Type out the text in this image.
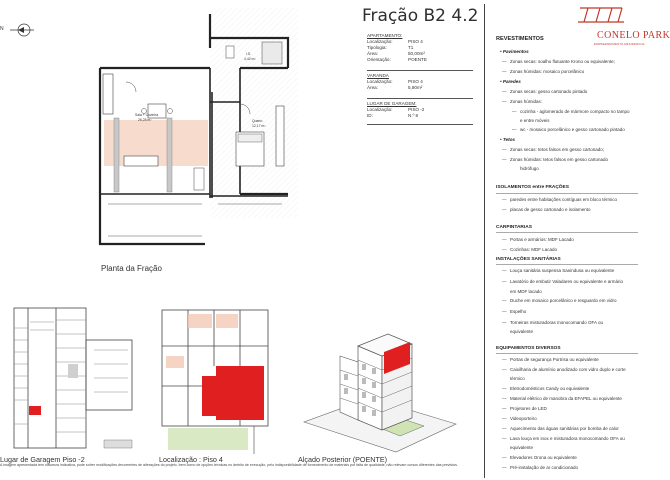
Fração B2 4.2
APARTAMENTO:
Localização:	PISO 4
Tipologia:	T1
Área:	50,00m²
Orientação:	POENTE
VARANDA
Localização:	PISO 4
Área:	5,80m²
LUGAR DE GARAGEM:
Localização:	PISO -2
ID:	N.º 8
CONELO PARK
EMPREENDIMENTO RESIDENCIAL
N
Sala + Cozinha
26,28 m²	Quarto
12,17 m²
I.S.
4,42 m²
Planta da Fração
Lugar de Garagem Piso -2	Localização : Piso 4	Alçado Posterior (POENTE)
A imagem apresentada tem natureza indicativa, pode sofrer modificações decorrentes de alterações do projeto, bem como de opções técnicas no âmbito de execução, pelo indisponibilidade de fornecimento de materiais por falta de qualidade, não relevam cursos diferentes das previstos.
REVESTIMENTOS
• Pavimentos
— Zonas secas: soalho flutuante Krono ou equivalente;
— Zonas húmidas: mosaico porcelânico
• Paredes
— Zonas secas: gesso cartonado pintado
— Zonas húmidas:
— cozinha - aglomerado de mármore compacto no tampo
e entre móveis
— wc - mosaico porcelânico e gesso cartonado pintado
• Tetos
— Zonas secas: tetos falsos em gesso cartonado;
— Zonas húmidas: tetos falsos em gesso cartonado
hidrófugo
ISOLAMENTOS entre FRAÇÕES
— paredes entre habitações contíguas em bloco térmico
— placas de gesso cartonado e isolamento
CARPINTARIAS
— Portas e armários: MDF Lacado
— Cozinhas: MDF Lacado
INSTALAÇÕES SANITÁRIAS
— Louça sanitária suspensa Sanindusa ou equivalente
— Lavatório de embutir Valadares ou equivalente e armário
em MDF lacado
— Duche em mosaico porcelânico e resguardo em vidro
— Espelho
— Torneiras misturadoras monocomando OFA ou
equivalente
EQUIPAMENTOS DIVERSOS
— Portas de segurança Portrisa ou equivalente
— Caixilharia de alumínio anodizado com vidro duplo e corte
térmico
— Eletrodomésticos Candy ou equivalente
— Material elétrico de manobra da EFAPEL ou equivalente
— Projetores de LED
— Videoporteiro
— Aquecimento das águas sanitárias por bomba de calor
— Lava louça em inox e misturadora monocomando OFA ou
equivalente
— Elevadores Orona ou equivalente
— Pré-instalação de ar condicionado
